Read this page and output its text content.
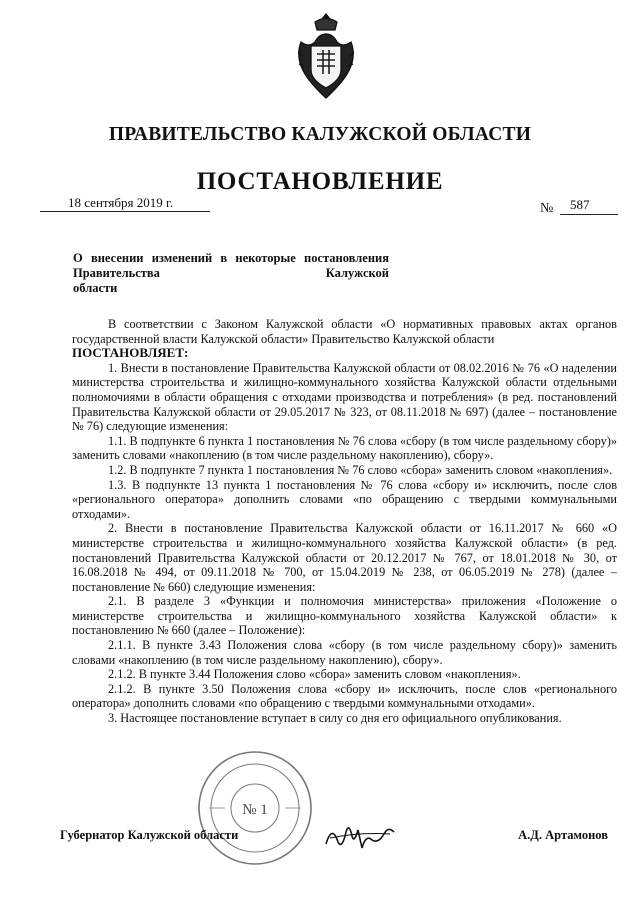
ПРАВИТЕЛЬСТВО КАЛУЖСКОЙ ОБЛАСТИ
ПОСТАНОВЛЕНИЕ
18 сентября 2019 г.	№ 587
О внесении изменений в некоторые постановления Правительства Калужской
области

В соответствии с Законом Калужской области «О нормативных правовых актах органов государственной власти Калужской области» Правительство Калужской области

ПОСТАНОВЛЯЕТ:

1. Внести в постановление Правительства Калужской области от 08.02.2016 № 76 «О наделении министерства строительства и жилищно-коммунального хозяйства Калужской области отдельными полномочиями в области обращения с отходами производства и потребления» (в ред. постановлений Правительства Калужской области от 29.05.2017 № 323, от 08.11.2018 № 697) (далее – постановление № 76) следующие изменения:

1.1. В подпункте 6 пункта 1 постановления № 76 слова «сбору (в том числе раздельному сбору)» заменить словами «накоплению (в том числе раздельному накоплению), сбору».

1.2. В подпункте 7 пункта 1 постановления № 76 слово «сбора» заменить словом «накопления».

1.3. В подпункте 13 пункта 1 постановления № 76 слова «сбору и» исключить, после слов «регионального оператора» дополнить словами «по обращению с твердыми коммунальными отходами».

2. Внести в постановление Правительства Калужской области от 16.11.2017 № 660 «О министерстве строительства и жилищно-коммунального хозяйства Калужской области» (в ред. постановлений Правительства Калужской области от 20.12.2017 № 767, от 18.01.2018 № 30, от 16.08.2018 № 494, от 09.11.2018 № 700, от 15.04.2019 № 238, от 06.05.2019 № 278) (далее – постановление № 660) следующие изменения:

2.1. В разделе 3 «Функции и полномочия министерства» приложения «Положение о министерстве строительства и жилищно-коммунального хозяйства Калужской области» к постановлению № 660 (далее – Положение):

2.1.1. В пункте 3.43 Положения слова «сбору (в том числе раздельному сбору)» заменить словами «накоплению (в том числе раздельному накоплению), сбору».

2.1.2. В пункте 3.44 Положения слово «сбора» заменить словом «накопления».

2.1.2. В пункте 3.50 Положения слова «сбору и» исключить, после слов «регионального оператора» дополнить словами «по обращению с твердыми коммунальными отходами».

3. Настоящее постановление вступает в силу со дня его официального опубликования.

№ 1
Губернатор Калужской области	А.Д. Артамонов
